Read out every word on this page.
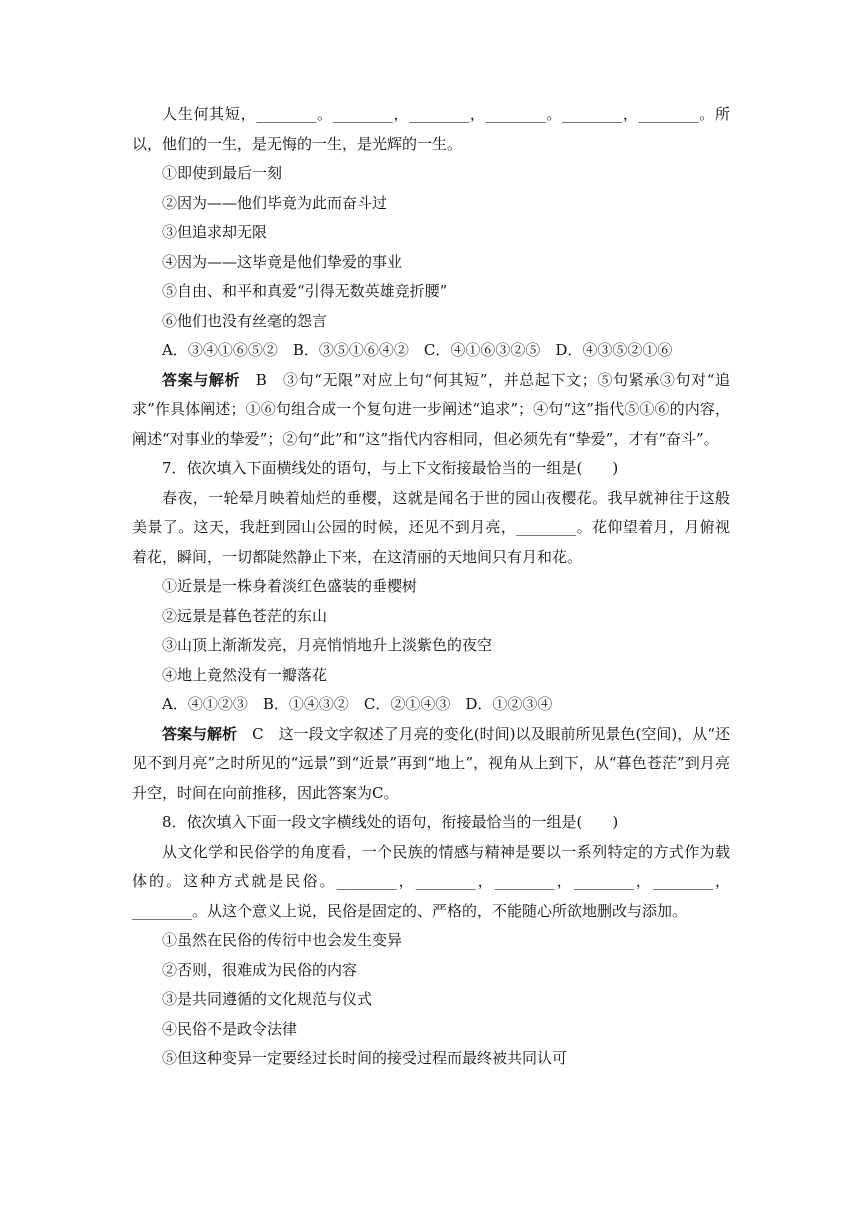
人生何其短，________。________，________，________。________，________。所以，他们的一生，是无悔的一生，是光辉的一生。

①即使到最后一刻

②因为——他们毕竟为此而奋斗过

③但追求却无限

④因为——这毕竟是他们挚爱的事业

⑤自由、和平和真爱“引得无数英雄竞折腰”

⑥他们也没有丝毫的怨言

A．③④①⑥⑤②　B．③⑤①⑥④②　C．④①⑥③②⑤　D．④③⑤②①⑥

答案与解析　B　③句“无限”对应上句“何其短”，并总起下文；⑤句紧承③句对“追求”作具体阐述；①⑥句组合成一个复句进一步阐述“追求”；④句“这”指代⑤①⑥的内容，阐述“对事业的挚爱”；②句“此”和“这”指代内容相同，但必须先有“挚爱”，才有“奋斗”。

7．依次填入下面横线处的语句，与上下文衔接最恰当的一组是(　　)

春夜，一轮晕月映着灿烂的垂樱，这就是闻名于世的园山夜樱花。我早就神往于这般美景了。这天，我赶到园山公园的时候，还见不到月亮，________。花仰望着月，月俯视着花，瞬间，一切都陡然静止下来，在这清丽的天地间只有月和花。

①近景是一株身着淡红色盛装的垂樱树

②远景是暮色苍茫的东山

③山顶上渐渐发亮，月亮悄悄地升上淡紫色的夜空

④地上竟然没有一瓣落花

A．④①②③　B．①④③②　C．②①④③　D．①②③④

答案与解析　C　这一段文字叙述了月亮的变化(时间)以及眼前所见景色(空间)，从“还见不到月亮”之时所见的“远景”到“近景”再到“地上”，视角从上到下，从“暮色苍茫”到月亮升空，时间在向前推移，因此答案为C。

8．依次填入下面一段文字横线处的语句，衔接最恰当的一组是(　　)

从文化学和民俗学的角度看，一个民族的情感与精神是要以一系列特定的方式作为载体的。这种方式就是民俗。________，________，________，________，________，________。从这个意义上说，民俗是固定的、严格的，不能随心所欲地删改与添加。

①虽然在民俗的传衍中也会发生变异

②否则，很难成为民俗的内容

③是共同遵循的文化规范与仪式

④民俗不是政令法律

⑤但这种变异一定要经过长时间的接受过程而最终被共同认可
